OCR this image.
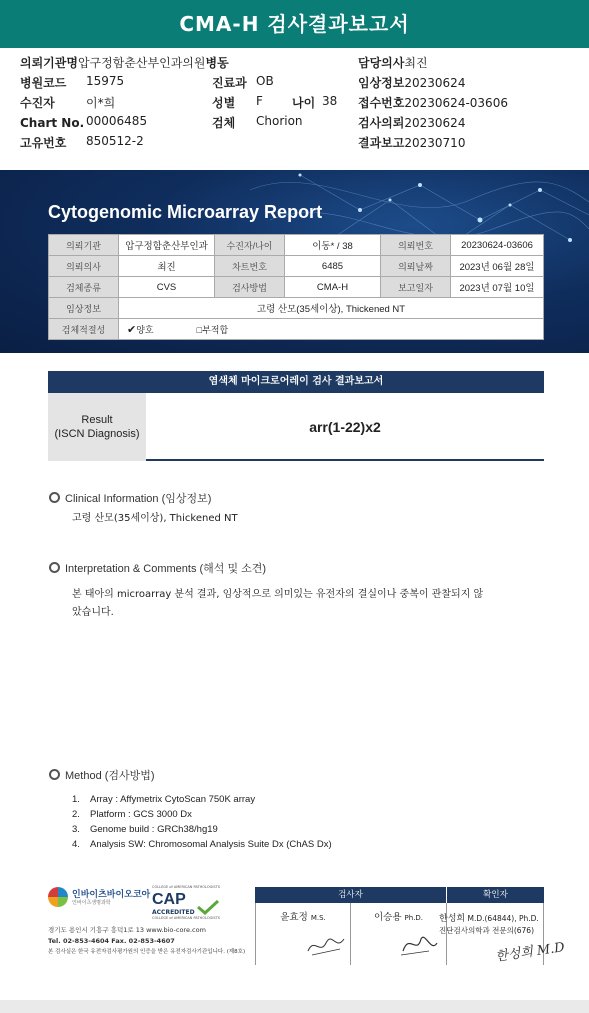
CMA-H 검사결과보고서
의뢰기관명압구정함춘산부인과의원병동	담당의사최진
병원코드 15975	진료과 OB	임상정보20230624
수진자	이*희	성별 F 나이 38 접수번호20230624-03606
Chart No. 00006485	검체 Chorion	검사의뢰20230624
고유번호 850512-2	결과보고20230710
Cytogenomic Microarray Report
의뢰기관	압구정함춘산부인과	수진자/나이	이동* / 38	의뢰번호	20230624-03606
의뢰의사	최진	차트번호	6485	의뢰날짜	2023년 06월 28일
검체종류	CVS	검사방법	CMA-H	보고일자	2023년 07월 10일
임상정보	고령 산모(35세이상), Thickened NT				
검체적절성	✔양호 □부적합				
염색체 마이크로어레이 검사 결과보고서
Result
(ISCN Diagnosis)	arr(1-22)x2
Clinical Information (임상정보)
고령 산모(35세이상), Thickened NT
Interpretation & Comments (해석 및 소견)
본 태아의 microarray 분석 결과, 임상적으로 의미있는 유전자의 결실이나 중복이 관찰되지 않았습니다.
Method (검사방법)
1. Array : Affymetrix CytoScan 750K array
2. Platform : GCS 3000 Dx
3. Genome build : GRCh38/hg19
4. Analysis SW: Chromosomal Analysis Suite Dx (ChAS Dx)
인바이츠바이오코아
인바이츠생명과학
COLLEGE of AMERICAN PATHOLOGISTS
CAP
ACCREDITED
COLLEGE of AMERICAN PATHOLOGISTS
경기도 용인시 기흥구 흥덕1로 13 www.bio-core.com
Tel. 02-853-4604 Fax. 02-853-4607
본 검사실은 한국 유전자검사평가원의 인증을 받은 유전자검사기관입니다. (제8호)
검사자	확인자
윤효정 M.S.	이승용 Ph.D.	한성희 M.D.(64844), Ph.D.
진단검사의학과 전문의(676)
한성희 M.D
